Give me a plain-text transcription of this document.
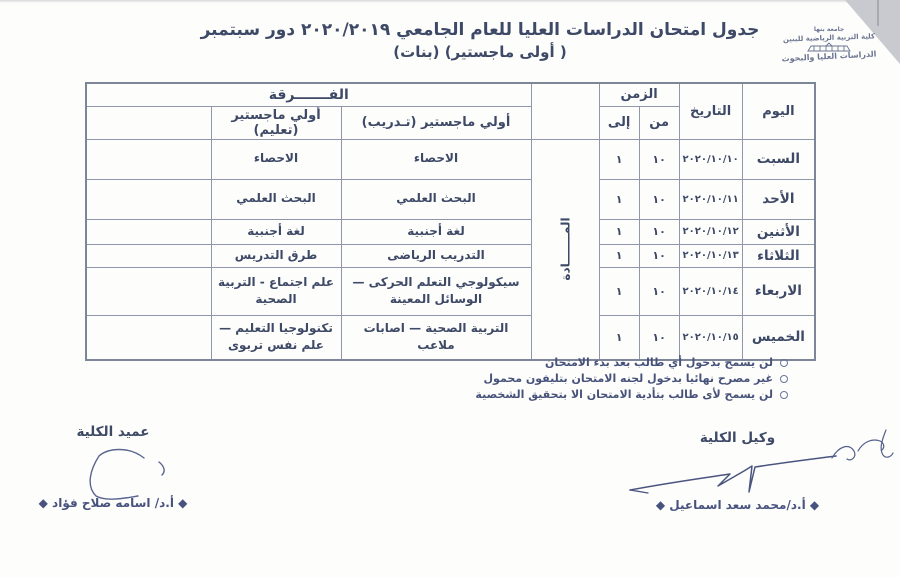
جامعة بنها
كلية التربية الرياضية للبنين
الدراسات العليا والبحوث
جدول امتحان الدراسات العليا للعام الجامعي ٢٠٢٠/٢٠١٩ دور سبتمبر
( أولى ماجستير) (بنات)
اليوم	التاريخ	الزمن			الفـــــــرقة		
		من	إلى		أولي ماجستير (تـدريب)	أولي ماجستير (تعليم)	
السبت	٢٠٢٠/١٠/١٠	١٠	١	المـــــــادة	الاحصاء	الاحصاء	
الأحد	٢٠٢٠/١٠/١١	١٠	١		البحث العلمي	البحث العلمي	
الأثنين	٢٠٢٠/١٠/١٢	١٠	١		لغة أجنبية	لغة أجنبية	
الثلاثاء	٢٠٢٠/١٠/١٣	١٠	١		التدريب الرياضى	طرق التدريس	
الاربعاء	٢٠٢٠/١٠/١٤	١٠	١		سيكولوجي التعلم الحركى — الوسائل المعينة	علم اجتماع - التربية الصحية	
الخميس	٢٠٢٠/١٠/١٥	١٠	١		التربية الصحية — اصابات ملاعب	تكنولوجيا التعليم — علم نفس تربوى	
لن يسمح بدخول أي طالب بعد بدء الامتحان
غير مصرح نهائيا بدخول لجنه الامتحان بتليفون محمول
لن يسمح لأى طالب بتأدية الامتحان الا بتحقيق الشخصية
عميد الكلية
◆ أ.د/ اسامه صلاح فؤاد ◆
وكيل الكلية
◆ أ.د/محمد سعد اسماعيل ◆
